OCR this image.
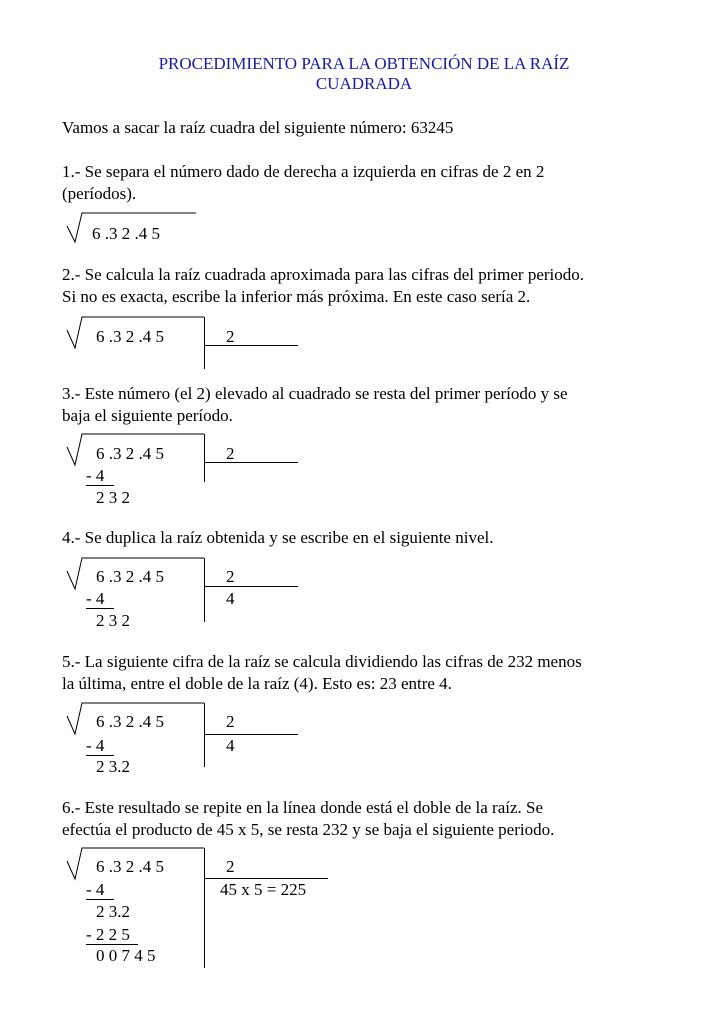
PROCEDIMIENTO PARA LA OBTENCIÓN DE LA RAÍZ
CUADRADA
Vamos a sacar la raíz cuadra del siguiente número: 63245
1.- Se separa el número dado de derecha a izquierda en cifras de 2 en 2
(períodos).
6 .3 2 .4 5
2.- Se calcula la raíz cuadrada aproximada para las cifras del primer periodo.
Si no es exacta, escribe la inferior más próxima. En este caso sería 2.
6 .3 2 .4 5	2
3.- Este número (el 2) elevado al cuadrado se resta del primer período y se
baja el siguiente período.
6 .3 2 .4 5	2
- 4
2 3 2
4.- Se duplica la raíz obtenida y se escribe en el siguiente nivel.
6 .3 2 .4 5	2
4
- 4
2 3 2
5.- La siguiente cifra de la raíz se calcula dividiendo las cifras de 232 menos
la última, entre el doble de la raíz (4). Esto es: 23 entre 4.
6 .3 2 .4 5	2
4
- 4
2 3.2
6.- Este resultado se repite en la línea donde está el doble de la raíz. Se
efectúa el producto de 45 x 5, se resta 232 y se baja el siguiente periodo.
6 .3 2 .4 5	2
45 x 5 = 225
- 4
2 3.2
- 2 2 5
0 0 7 4 5
